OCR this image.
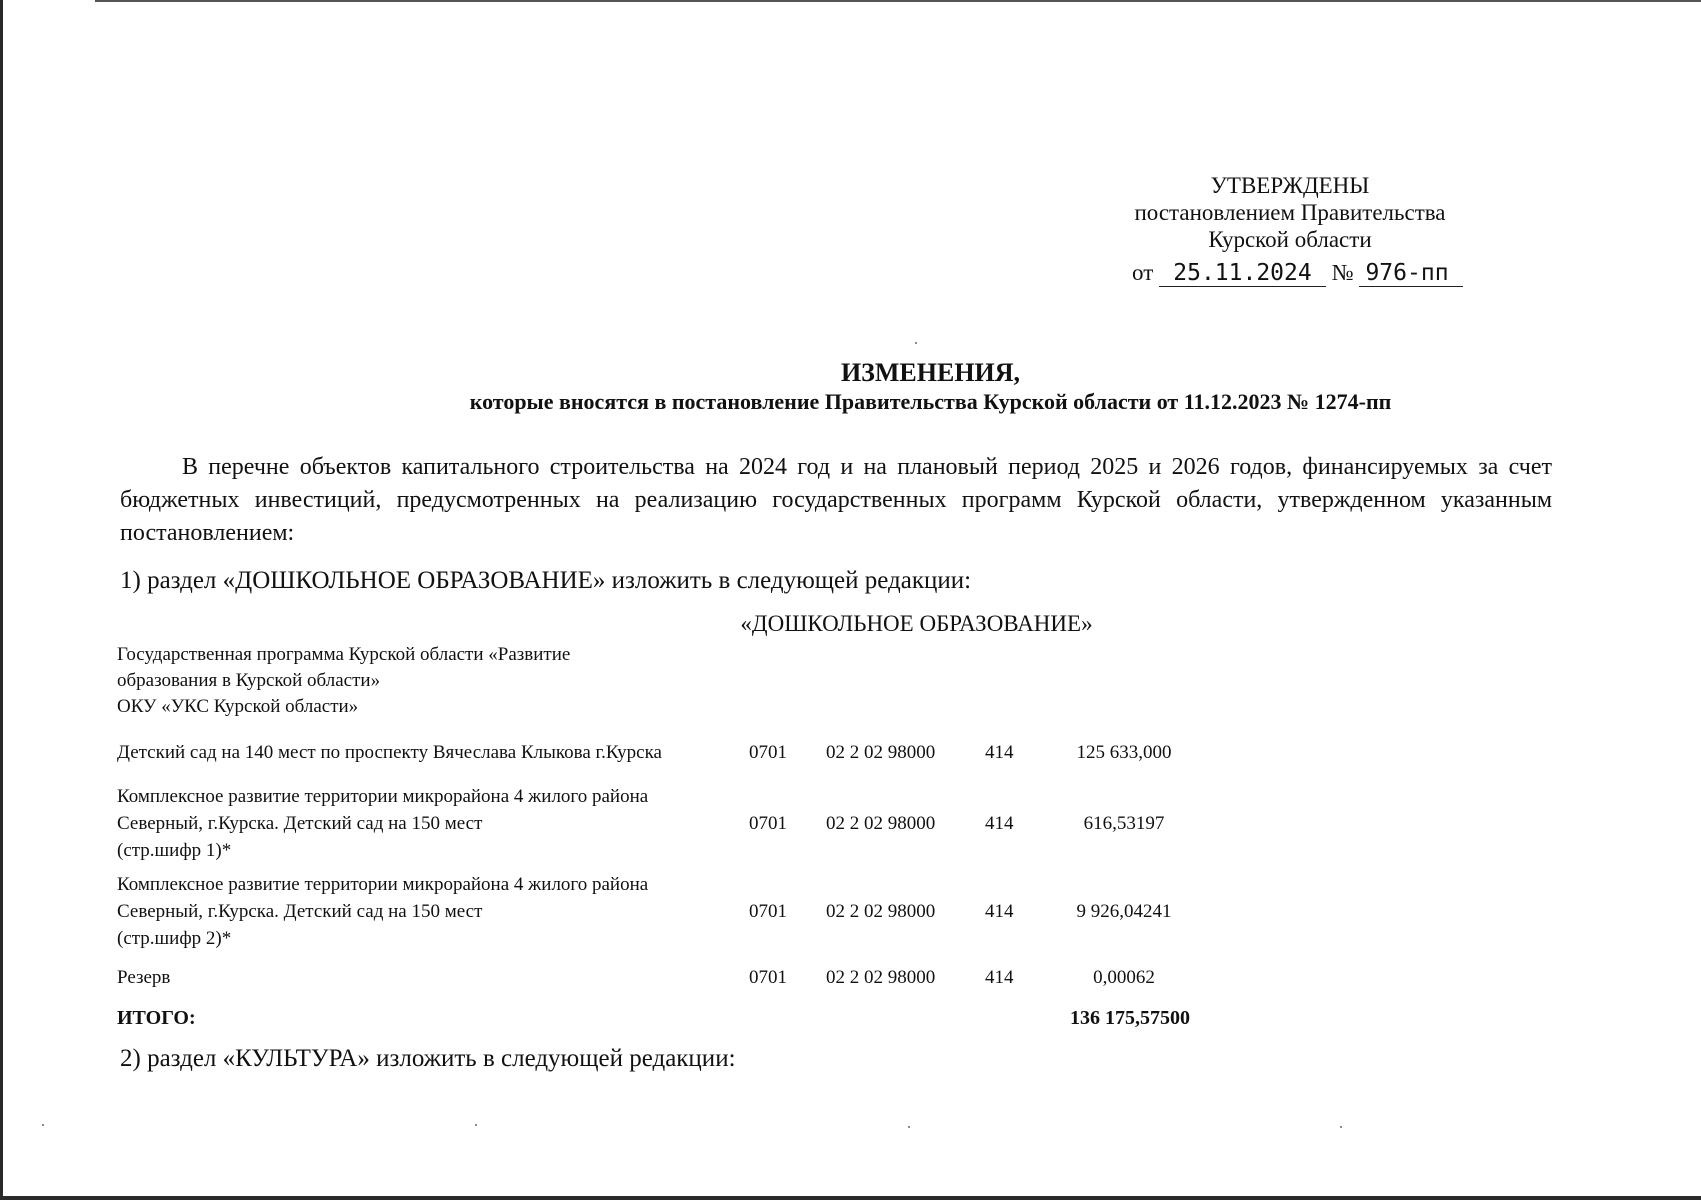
УТВЕРЖДЕНЫ
постановлением Правительства
Курской области
от 25.11.2024 № 976-пп
ИЗМЕНЕНИЯ,
которые вносятся в постановление Правительства Курской области от 11.12.2023 № 1274-пп

В перечне объектов капитального строительства на 2024 год и на плановый период 2025 и 2026 годов, финансируемых за счет бюджетных инвестиций, предусмотренных на реализацию государственных программ Курской области, утвержденном указанным постановлением:

1) раздел «ДОШКОЛЬНОЕ ОБРАЗОВАНИЕ» изложить в следующей редакции:
«ДОШКОЛЬНОЕ ОБРАЗОВАНИЕ»
Государственная программа Курской области «Развитие
образования в Курской области»
ОКУ «УКС Курской области»
Детский сад на 140 мест по проспекту Вячеслава Клыкова г.Курска	0701 02 2 02 98000	414	125 633,000
Комплексное развитие территории микрорайона 4 жилого района
Северный, г.Курска. Детский сад на 150 мест
(стр.шифр 1)*
0701 02 2 02 98000	414	616,53197
Комплексное развитие территории микрорайона 4 жилого района
Северный, г.Курска. Детский сад на 150 мест
(стр.шифр 2)*
0701 02 2 02 98000	414	9 926,04241
Резерв	0701 02 2 02 98000	414	0,00062
ИТОГО:	136 175,57500
2) раздел «КУЛЬТУРА» изложить в следующей редакции:
